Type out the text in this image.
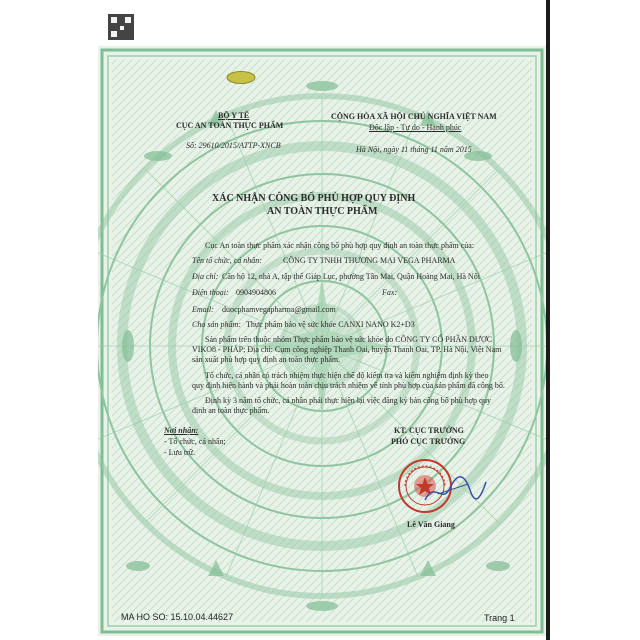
BỘ Y TẾ
CỤC AN TOÀN THỰC PHẨM
Số: 29610/2015/ATTP-XNCB
CỘNG HÒA XÃ HỘI CHỦ NGHĨA VIỆT NAM
Độc lập - Tự do - Hạnh phúc
Hà Nội, ngày 11 tháng 11 năm 2015
XÁC NHẬN CÔNG BỐ PHÙ HỢP QUY ĐỊNH
AN TOÀN THỰC PHẨM
Cục An toàn thực phẩm xác nhận công bố phù hợp quy định an toàn thực phẩm của:
Tên tổ chức, cá nhân:	CÔNG TY TNHH THƯƠNG MẠI VEGA PHARMA
Địa chỉ: Căn hộ 12, nhà A, tập thể Giáp Lục, phường Tân Mai, Quận Hoàng Mai, Hà Nội
Điện thoại: 0904904806	Fax:
Email: duocphamvegapharma@gmail.com
Cho sản phẩm: Thực phẩm bảo vệ sức khỏe CANXI NANO K2+D3
Sản phẩm trên thuộc nhóm Thực phẩm bảo vệ sức khỏe do CÔNG TY CỔ PHẦN DƯỢC
VIKO8 - PHÁP; Địa chỉ: Cụm công nghiệp Thanh Oai, huyện Thanh Oai, TP. Hà Nội, Việt Nam
sản xuất phù hợp quy định an toàn thực phẩm.
Tổ chức, cá nhân có trách nhiệm thực hiện chế độ kiểm tra và kiểm nghiệm định kỳ theo
quy định hiện hành và phải hoàn toàn chịu trách nhiệm về tính phù hợp của sản phẩm đã công bố.
Định kỳ 3 năm tổ chức, cá nhân phải thực hiện lại việc đăng ký bản công bố phù hợp quy
định an toàn thực phẩm.
Nơi nhận:
- Tổ chức, cá nhân;
- Lưu trữ.
KT. CỤC TRƯỞNG
PHÓ CỤC TRƯỞNG
Lê Văn Giang
MA HO SO: 15.10.04.44627	Trang 1
